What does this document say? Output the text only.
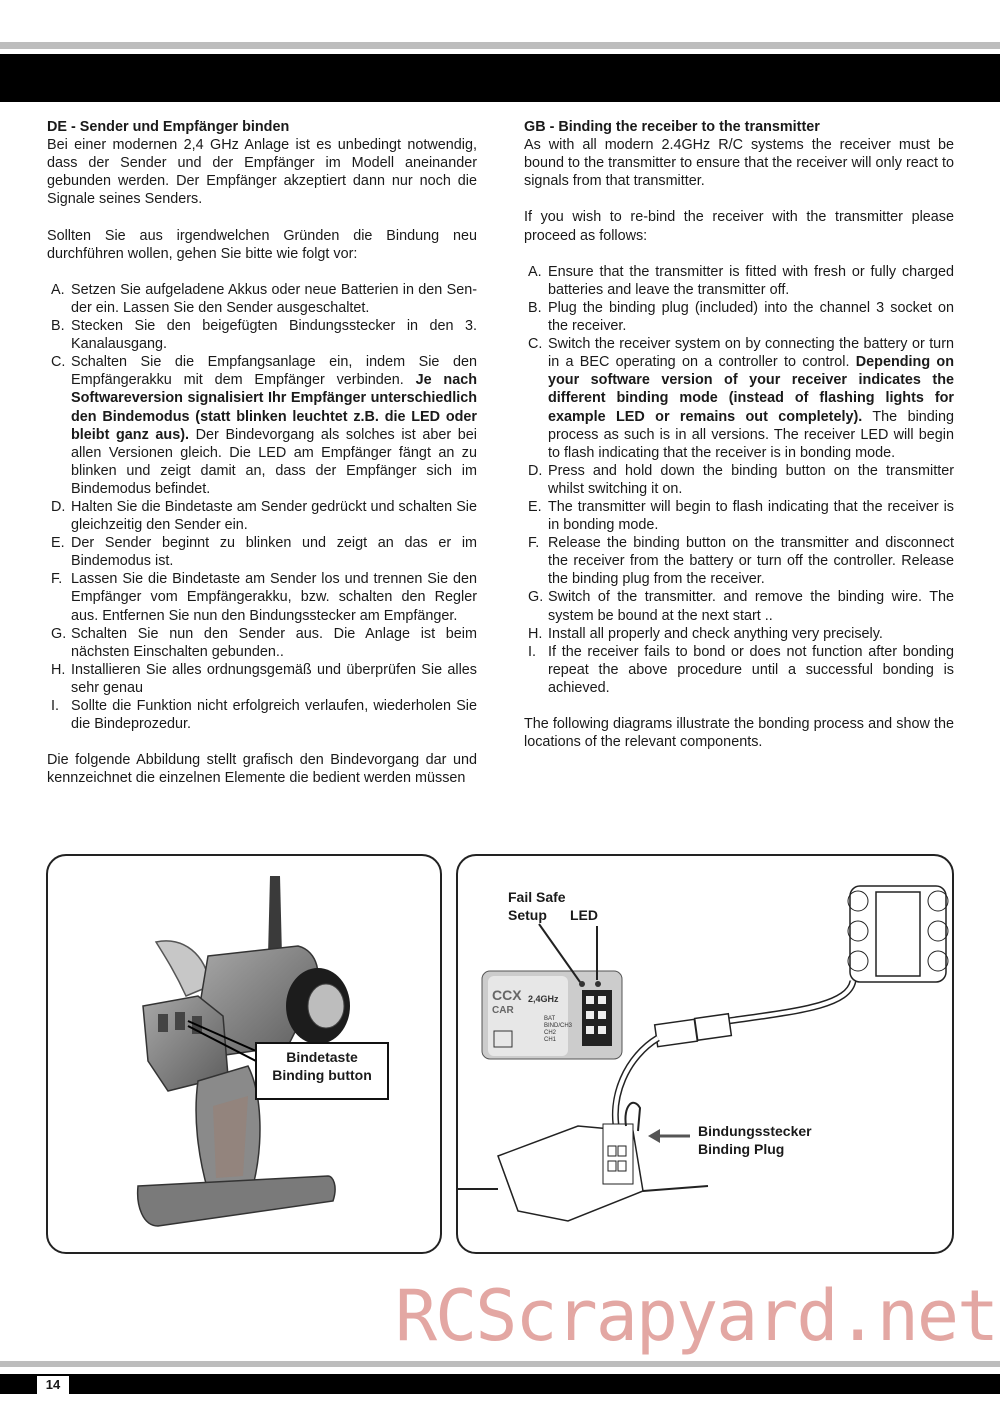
DE - Sender und Empfänger binden

Bei einer modernen 2,4 GHz Anlage ist es unbedingt notwendig, dass der Sender und der Empfänger im Modell aneinander gebunden werden. Der Empfänger akzeptiert dann nur noch die Signale seines Senders.

Sollten Sie aus irgendwelchen Gründen die Bindung neu durchführen wollen, gehen Sie bitte wie folgt vor:

A. Setzen Sie aufgeladene Akkus oder neue Batterien in den Sen-der ein. Lassen Sie den Sender ausgeschaltet.
B. Stecken Sie den beigefügten Bindungsstecker in den 3. Kanalausgang.
C. Schalten Sie die Empfangsanlage ein, indem Sie den Empfängerakku mit dem Empfänger verbinden. Je nach Softwareversion signalisiert Ihr Empfänger unterschiedlich den Bindemodus (statt blinken leuchtet z.B. die LED oder bleibt ganz aus). Der Bindevorgang als solches ist aber bei allen Versionen gleich. Die LED am Empfänger fängt an zu blinken und zeigt damit an, dass der Empfänger sich im Bindemodus befindet.
D. Halten Sie die Bindetaste am Sender gedrückt und schalten Sie gleichzeitig den Sender ein.
E. Der Sender beginnt zu blinken und zeigt an das er im Bindemodus ist.
F. Lassen Sie die Bindetaste am Sender los und trennen Sie den Empfänger vom Empfängerakku, bzw. schalten den Regler aus. Entfernen Sie nun den Bindungsstecker am Empfänger.
G. Schalten Sie nun den Sender aus. Die Anlage ist beim nächsten Einschalten gebunden..
H. Installieren Sie alles ordnungsgemäß und überprüfen Sie alles sehr genau
I. Sollte die Funktion nicht erfolgreich verlaufen, wiederholen Sie die Bindeprozedur.

Die folgende Abbildung stellt grafisch den Bindevorgang dar und kennzeichnet die einzelnen Elemente die bedient werden müssen

GB - Binding the receiber to the transmitter

As with all modern 2.4GHz R/C systems the receiver must be bound to the transmitter to ensure that the receiver will only react to signals from that transmitter.

If you wish to re-bind the receiver with the transmitter please proceed as follows:

A. Ensure that the transmitter is fitted with fresh or fully charged batteries and leave the transmitter off.
B. Plug the binding plug (included) into the channel 3 socket on the receiver.
C. Switch the receiver system on by connecting the battery or turn in a BEC operating on a controller to control. Depending on your software version of your receiver indicates the different binding mode (instead of flashing lights for example LED or remains out completely). The binding process as such is in all versions. The receiver LED will begin to flash indicating that the receiver is in bonding mode.
D. Press and hold down the binding button on the transmitter whilst switching it on.
E. The transmitter will begin to flash indicating that the receiver is in bonding mode.
F. Release the binding button on the transmitter and disconnect the receiver from the battery or turn off the controller. Release the binding plug from the receiver.
G. Switch of the transmitter. and remove the binding wire. The system be bound at the next start ..
H. Install all properly and check anything very precisely.
I. If the receiver fails to bond or does not function after bonding repeat the above procedure until a successful bonding is achieved.

The following diagrams illustrate the bonding process and show the locations of the relevant components.

Bindetaste
Binding button
Fail Safe
Setup	LED
Bindungsstecker
Binding Plug
CCX
CAR
2,4GHz
BAT
BIND/CH3
CH2
CH1
RCScrapyard.net
14
